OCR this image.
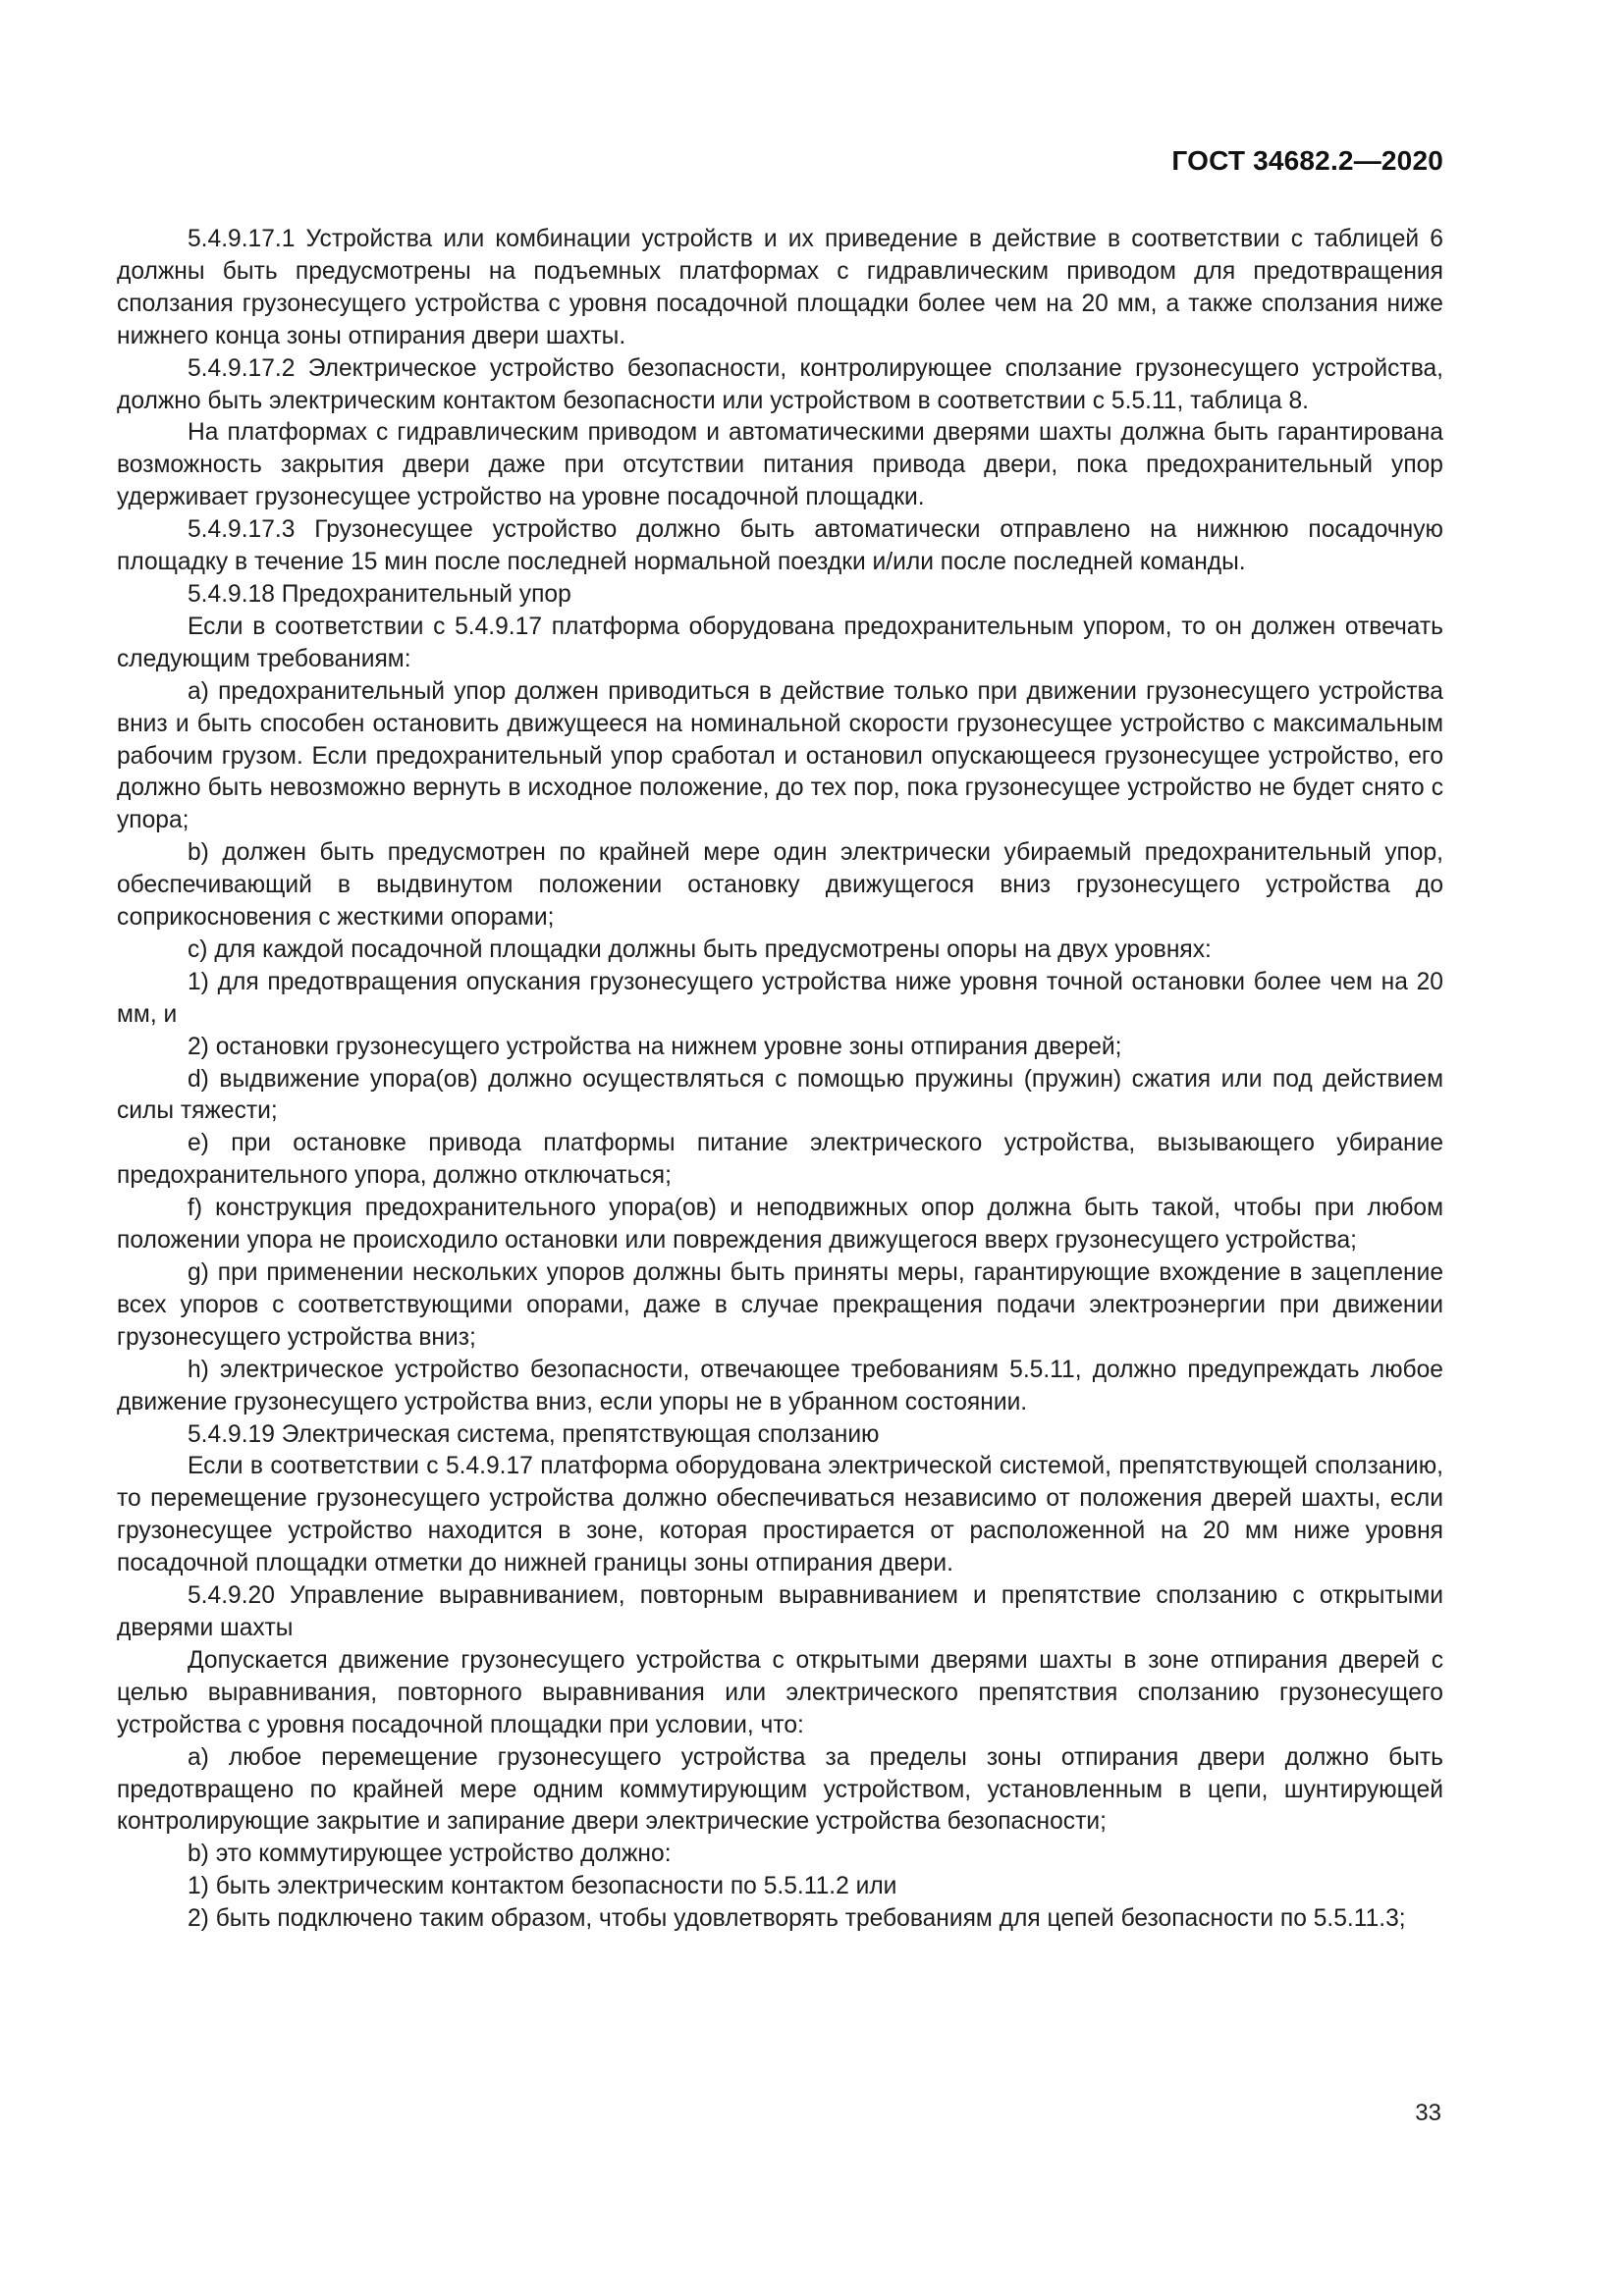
ГОСТ 34682.2—2020

5.4.9.17.1 Устройства или комбинации устройств и их приведение в действие в соответствии с таблицей 6 должны быть предусмотрены на подъемных платформах с гидравлическим приводом для предотвращения сползания грузонесущего устройства с уровня посадочной площадки более чем на 20 мм, а также сползания ниже нижнего конца зоны отпирания двери шахты.

5.4.9.17.2 Электрическое устройство безопасности, контролирующее сползание грузонесущего устройства, должно быть электрическим контактом безопасности или устройством в соответствии с 5.5.11, таблица 8.

На платформах с гидравлическим приводом и автоматическими дверями шахты должна быть гарантирована возможность закрытия двери даже при отсутствии питания привода двери, пока предохранительный упор удерживает грузонесущее устройство на уровне посадочной площадки.

5.4.9.17.3 Грузонесущее устройство должно быть автоматически отправлено на нижнюю посадочную площадку в течение 15 мин после последней нормальной поездки и/или после последней команды.

5.4.9.18 Предохранительный упор

Если в соответствии с 5.4.9.17 платформа оборудована предохранительным упором, то он должен отвечать следующим требованиям:

a) предохранительный упор должен приводиться в действие только при движении грузонесущего устройства вниз и быть способен остановить движущееся на номинальной скорости грузонесущее устройство с максимальным рабочим грузом. Если предохранительный упор сработал и остановил опускающееся грузонесущее устройство, его должно быть невозможно вернуть в исходное положение, до тех пор, пока грузонесущее устройство не будет снято с упора;

b) должен быть предусмотрен по крайней мере один электрически убираемый предохранительный упор, обеспечивающий в выдвинутом положении остановку движущегося вниз грузонесущего устройства до соприкосновения с жесткими опорами;

c) для каждой посадочной площадки должны быть предусмотрены опоры на двух уровнях:

1) для предотвращения опускания грузонесущего устройства ниже уровня точной остановки более чем на 20 мм, и

2) остановки грузонесущего устройства на нижнем уровне зоны отпирания дверей;

d) выдвижение упора(ов) должно осуществляться с помощью пружины (пружин) сжатия или под действием силы тяжести;

e) при остановке привода платформы питание электрического устройства, вызывающего убирание предохранительного упора, должно отключаться;

f) конструкция предохранительного упора(ов) и неподвижных опор должна быть такой, чтобы при любом положении упора не происходило остановки или повреждения движущегося вверх грузонесущего устройства;

g) при применении нескольких упоров должны быть приняты меры, гарантирующие вхождение в зацепление всех упоров с соответствующими опорами, даже в случае прекращения подачи электроэнергии при движении грузонесущего устройства вниз;

h) электрическое устройство безопасности, отвечающее требованиям 5.5.11, должно предупреждать любое движение грузонесущего устройства вниз, если упоры не в убранном состоянии.

5.4.9.19 Электрическая система, препятствующая сползанию

Если в соответствии с 5.4.9.17 платформа оборудована электрической системой, препятствующей сползанию, то перемещение грузонесущего устройства должно обеспечиваться независимо от положения дверей шахты, если грузонесущее устройство находится в зоне, которая простирается от расположенной на 20 мм ниже уровня посадочной площадки отметки до нижней границы зоны отпирания двери.

5.4.9.20 Управление выравниванием, повторным выравниванием и препятствие сползанию с открытыми дверями шахты

Допускается движение грузонесущего устройства с открытыми дверями шахты в зоне отпирания дверей с целью выравнивания, повторного выравнивания или электрического препятствия сползанию грузонесущего устройства с уровня посадочной площадки при условии, что:

a) любое перемещение грузонесущего устройства за пределы зоны отпирания двери должно быть предотвращено по крайней мере одним коммутирующим устройством, установленным в цепи, шунтирующей контролирующие закрытие и запирание двери электрические устройства безопасности;

b) это коммутирующее устройство должно:

1) быть электрическим контактом безопасности по 5.5.11.2 или

2) быть подключено таким образом, чтобы удовлетворять требованиям для цепей безопасности по 5.5.11.3;

33
